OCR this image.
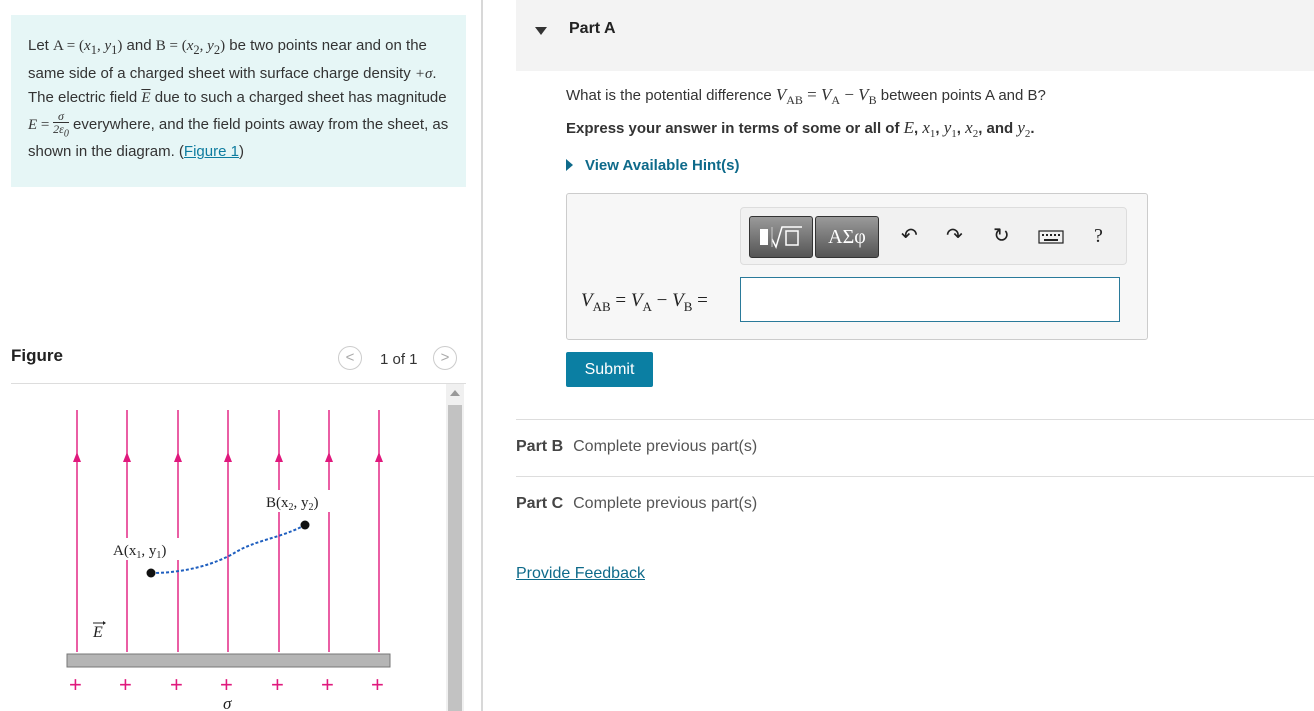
Let $A = (x_1$, $y_1$) and $B = (x_2$, $y_2$) be two points near and on the same side of a charged sheet with surface charge density +σ. The electric field $\overline{E}$ due to such a charged sheet has magnitude $E = \frac{\sigma}{2\varepsilon_0}$ everywhere, and the field points away from the sheet, as shown in the diagram. (Figure 1)
Figure	<	1 of 1	>
$B(x_2$, $y_2$)
$A(x_1$, $y_1$)
E
+ + + + + + +
σ
Part A
What is the potential difference $V_{AB} = V_A - V_B$ between points A and B?
Express your answer in terms of some or all of E, $x_1$, $y_1$, $x_2$, and $y_2$.
View Available Hint(s)
ΑΣφ	↶ ↷ ↻	?
$V_{AB} = V_A - V_B$ =
Submit
Part B Complete previous part(s)
Part C Complete previous part(s)
Provide Feedback
